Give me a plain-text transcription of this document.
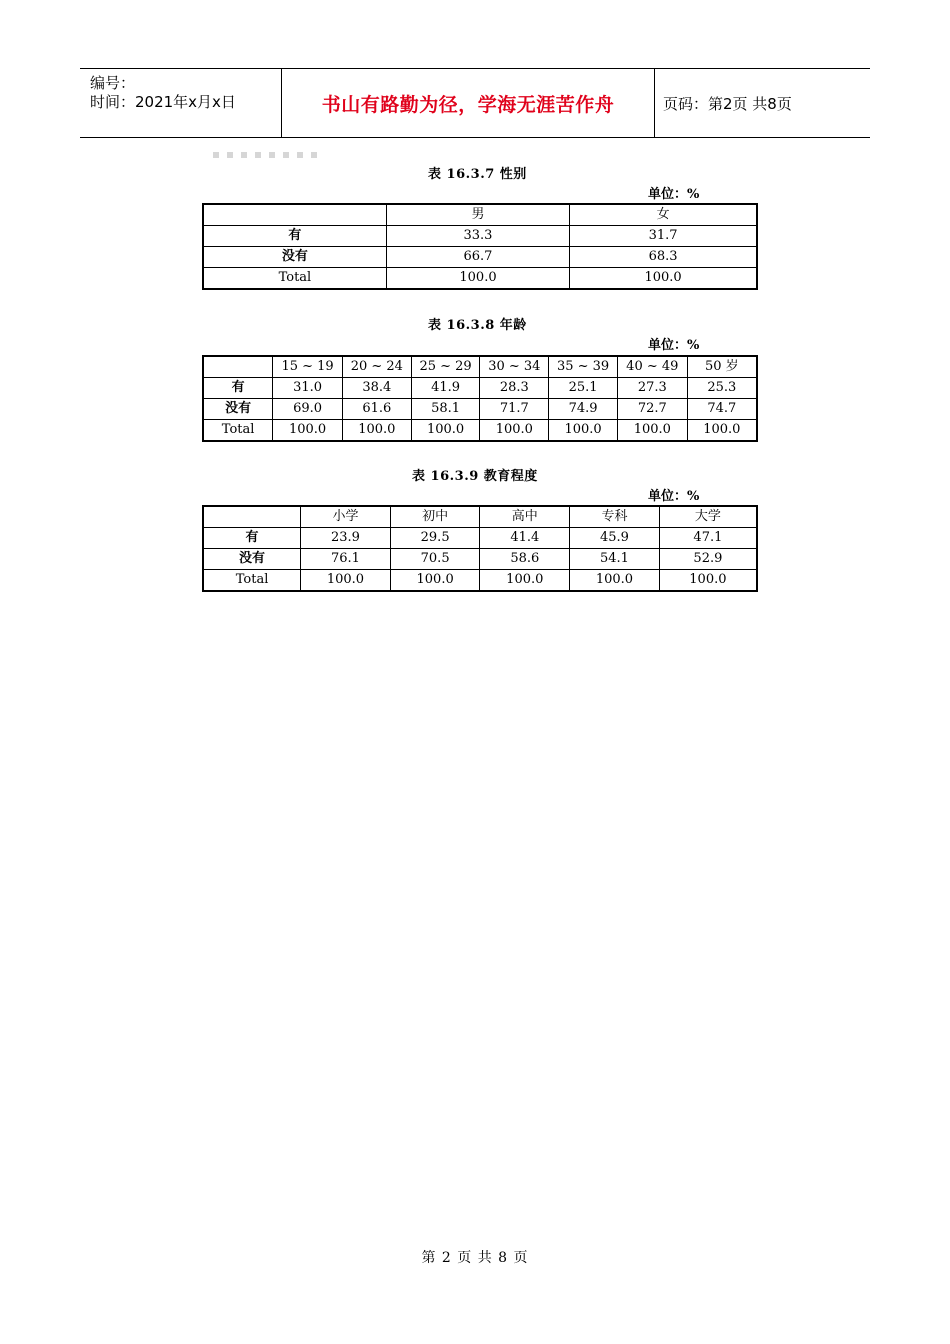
编号：
时间：2021年x月x日	书山有路勤为径，学海无涯苦作舟	页码：第2页 共8页
表 16.3.7 性别
单位：%
	男	女
有	33.3	31.7
没有	66.7	68.3
Total	100.0	100.0
表 16.3.8 年龄
单位：%
	15 ~ 19	20 ~ 24	25 ~ 29	30 ~ 34	35 ~ 39	40 ~ 49	50 岁
有	31.0	38.4	41.9	28.3	25.1	27.3	25.3
没有	69.0	61.6	58.1	71.7	74.9	72.7	74.7
Total	100.0	100.0	100.0	100.0	100.0	100.0	100.0
表 16.3.9 教育程度
单位：%
	小学	初中	高中	专科	大学
有	23.9	29.5	41.4	45.9	47.1
没有	76.1	70.5	58.6	54.1	52.9
Total	100.0	100.0	100.0	100.0	100.0
第 2 页 共 8 页
